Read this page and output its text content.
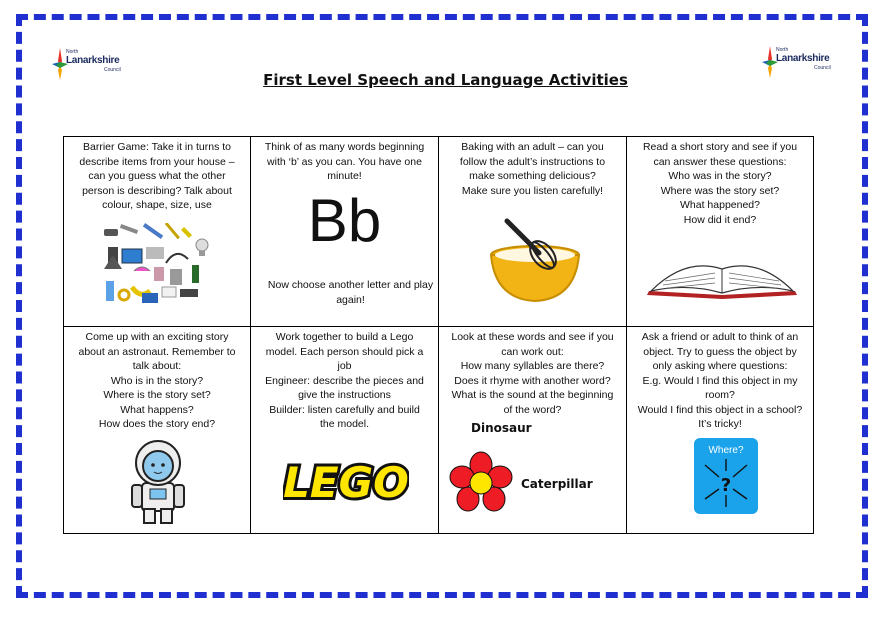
North
Lanarkshire
Council
North
Lanarkshire
Council
First Level Speech and Language Activities
Barrier Game: Take it in turns to
describe items from your house –
can you guess what the other
person is describing? Talk about
colour, shape, size, use
Think of as many words beginning
with ‘b’ as you can. You have one
minute!
Bb
Now choose another letter and play
again!
Baking with an adult – can you
follow the adult’s instructions to
make something delicious?
Make sure you listen carefully!
Read a short story and see if you
can answer these questions:
Who was in the story?
Where was the story set?
What happened?
How did it end?
Come up with an exciting story
about an astronaut. Remember to
talk about:
Who is in the story?
Where is the story set?
What happens?
How does the story end?
Work together to build a Lego
model. Each person should pick a
job
Engineer: describe the pieces and
give the instructions
Builder: listen carefully and build
the model.
LEGO
Look at these words and see if you
can work out:
How many syllables are there?
Does it rhyme with another word?
What is the sound at the beginning
of the word?
Dinosaur
Caterpillar
Ask a friend or adult to think of an
object. Try to guess the object by
only asking where questions:
E.g. Would I find this object in my
room?
Would I find this object in a school?
It’s tricky!
Where?
?
